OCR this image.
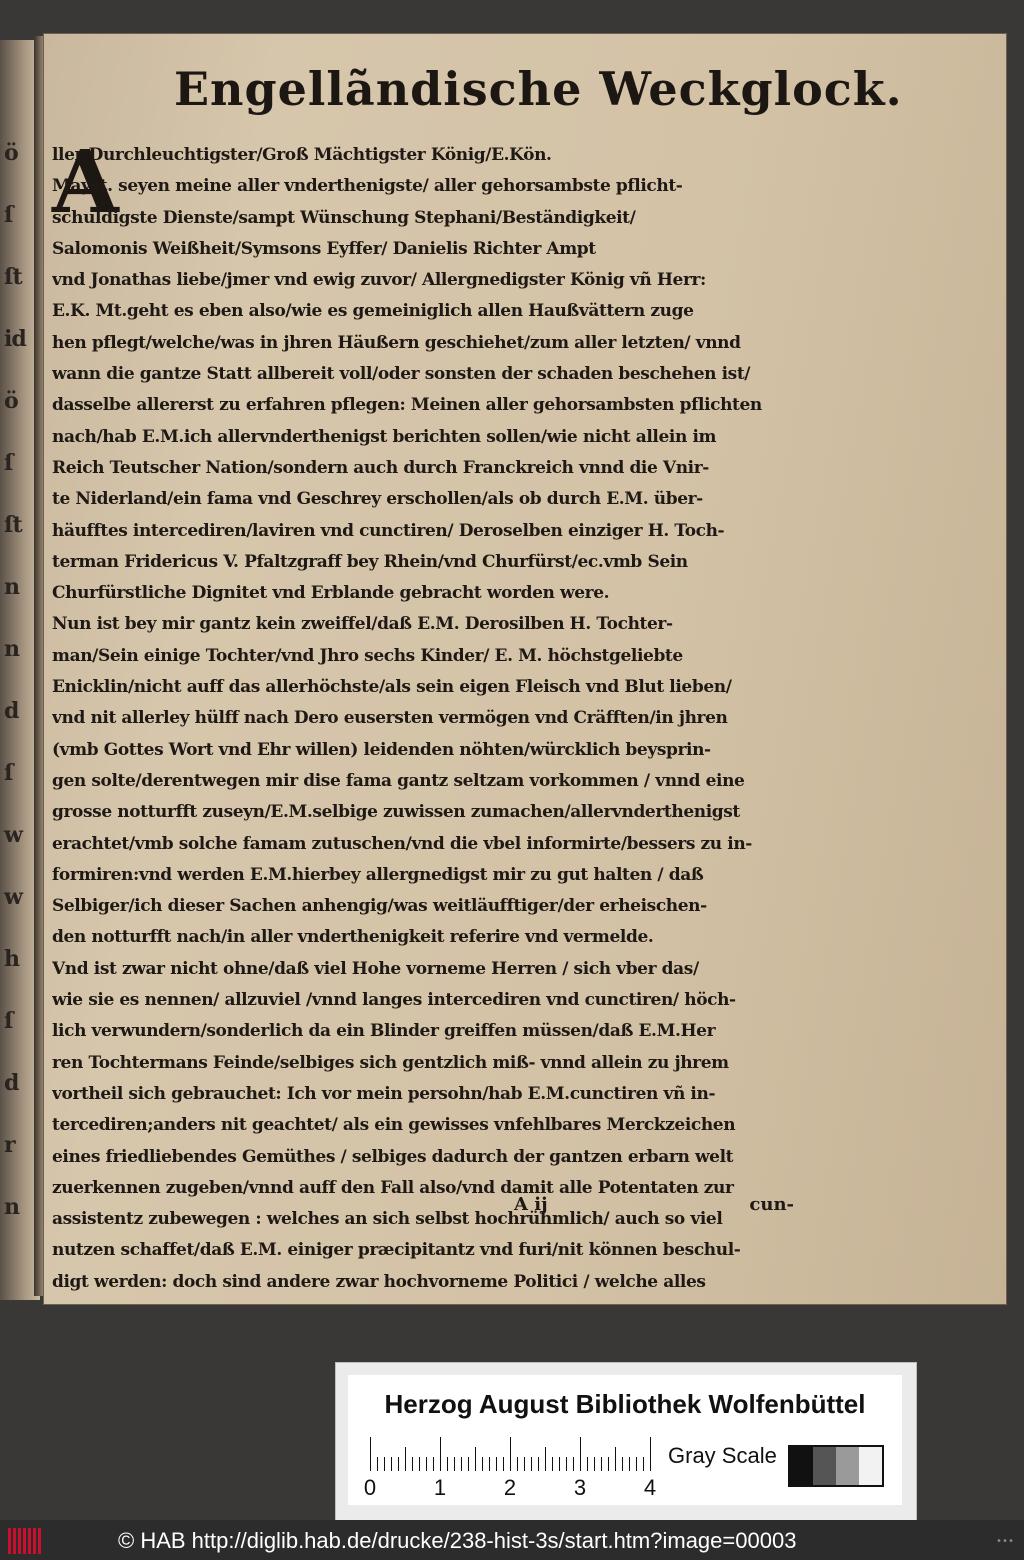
ö
ſ
ſt
id
ö
ſ
ſt
n
n
d
ſ
w
w
h
ſ
d
r
n
Engellãndische Weckglock.
A
ller Durchleuchtigster/Groß Mächtigster König/E.Kön.
Mayst. seyen meine aller vnderthenigste/ aller gehorsambste pflicht-
schuldigste Dienste/sampt Wünschung Stephani/Beständigkeit/
Salomonis Weißheit/Symsons Eyffer/ Danielis Richter Ampt
vnd Jonathas liebe/jmer vnd ewig zuvor/ Allergnedigster König vñ Herr:
E.K. Mt.geht es eben also/wie es gemeiniglich allen Haußvättern zuge
hen pflegt/welche/was in jhren Häußern geschiehet/zum aller letzten/ vnnd
wann die gantze Statt allbereit voll/oder sonsten der schaden beschehen ist/
dasselbe allererst zu erfahren pflegen: Meinen aller gehorsambsten pflichten
nach/hab E.M.ich allervnderthenigst berichten sollen/wie nicht allein im
Reich Teutscher Nation/sondern auch durch Franckreich vnnd die Vnir-
te Niderland/ein fama vnd Geschrey erschollen/als ob durch E.M. über-
häufftes intercediren/laviren vnd cunctiren/ Deroselben einziger H. Toch-
terman Fridericus V. Pfaltzgraff bey Rhein/vnd Churfürst/ec.vmb Sein
Churfürstliche Dignitet vnd Erblande gebracht worden were.
Nun ist bey mir gantz kein zweiffel/daß E.M. Derosilben H. Tochter-
man/Sein einige Tochter/vnd Jhro sechs Kinder/ E. M. höchstgeliebte
Enicklin/nicht auff das allerhöchste/als sein eigen Fleisch vnd Blut lieben/
vnd nit allerley hülff nach Dero eusersten vermögen vnd Cräfften/in jhren
(vmb Gottes Wort vnd Ehr willen) leidenden nöhten/würcklich beysprin-
gen solte/derentwegen mir dise fama gantz seltzam vorkommen / vnnd eine
grosse notturfft zuseyn/E.M.selbige zuwissen zumachen/allervnderthenigst
erachtet/vmb solche famam zutuschen/vnd die vbel informirte/bessers zu in-
formiren:vnd werden E.M.hierbey allergnedigst mir zu gut halten / daß
Selbiger/ich dieser Sachen anhengig/was weitläufftiger/der erheischen-
den notturfft nach/in aller vnderthenigkeit referire vnd vermelde.
Vnd ist zwar nicht ohne/daß viel Hohe vorneme Herren / sich vber das/
wie sie es nennen/ allzuviel /vnnd langes intercediren vnd cunctiren/ höch-
lich verwundern/sonderlich da ein Blinder greiffen müssen/daß E.M.Her
ren Tochtermans Feinde/selbiges sich gentzlich miß- vnnd allein zu jhrem
vortheil sich gebrauchet: Ich vor mein persohn/hab E.M.cunctiren vñ in-
tercediren;anders nit geachtet/ als ein gewisses vnfehlbares Merckzeichen
eines friedliebendes Gemüthes / selbiges dadurch der gantzen erbarn welt
zuerkennen zugeben/vnnd auff den Fall also/vnd damit alle Potentaten zur
assistentz zubewegen : welches an sich selbst hochrühmlich/ auch so viel
nutzen schaffet/daß E.M. einiger præcipitantz vnd furi/nit können beschul-
digt werden: doch sind andere zwar hochvorneme Politici / welche alles
A ij	cun-
Herzog August Bibliothek Wolfenbüttel
0	1	2	3	4
Gray Scale
© HAB http://diglib.hab.de/drucke/238-hist-3s/start.htm?image=00003	•••
